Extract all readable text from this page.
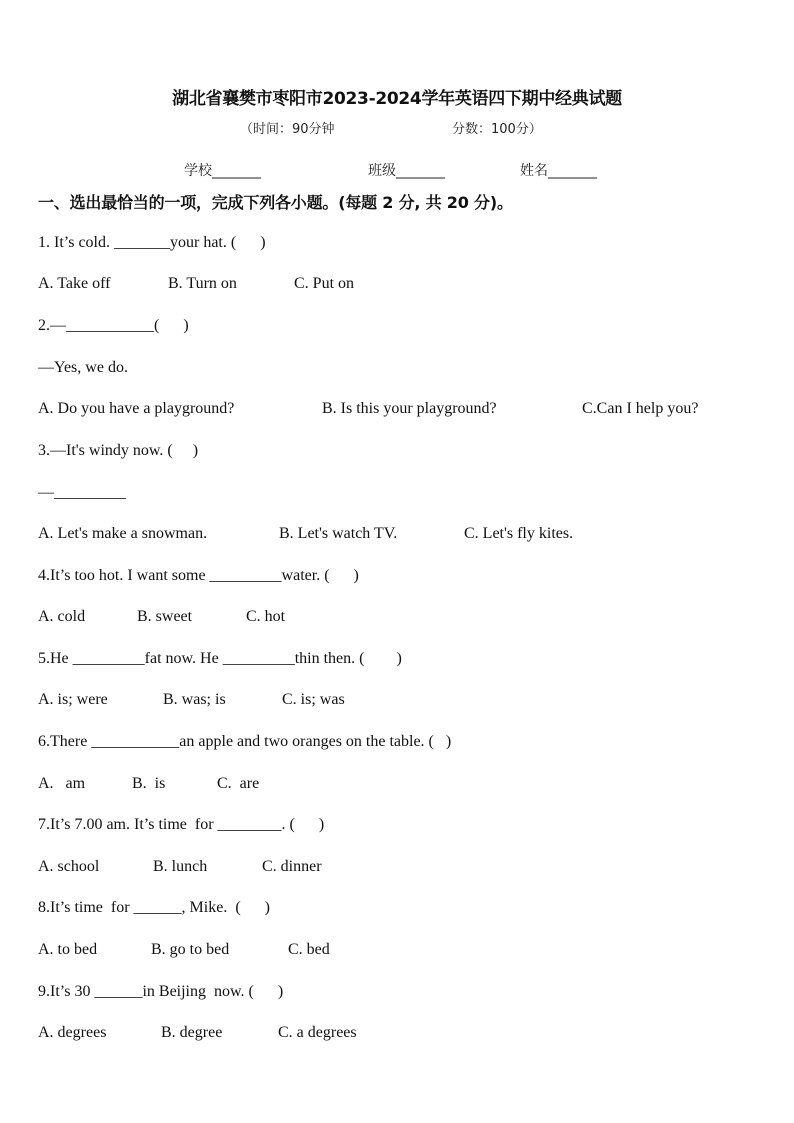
湖北省襄樊市枣阳市2023-2024学年英语四下期中经典试题
（时间：90分钟	分数：100分）
学校_______	班级_______	姓名_______
一、选出最恰当的一项，完成下列各小题。(每题 2 分, 共 20 分)。
1. It’s cold. _______your hat. (      )
A. Take off	B. Turn on	C. Put on
2.—___________(      )
—Yes, we do.
A. Do you have a playground?	B. Is this your playground?	C.Can I help you?
3.—It's windy now. (     )
—_________
A. Let's make a snowman.	B. Let's watch TV.	C. Let's fly kites.
4.It’s too hot. I want some _________water. (      )
A. cold	B. sweet	C. hot
5.He _________fat now. He _________thin then. (        )
A. is; were	B. was; is	C. is; was
6.There ___________an apple and two oranges on the table. (   )
A.   am	B.  is	C.  are
7.It’s 7.00 am. It’s time  for ________. (      )
A. school	B. lunch	C. dinner
8.It’s time  for ______, Mike.  (      )
A. to bed	B. go to bed	C. bed
9.It’s 30 ______in Beijing  now. (      )
A. degrees	B. degree	C. a degrees
